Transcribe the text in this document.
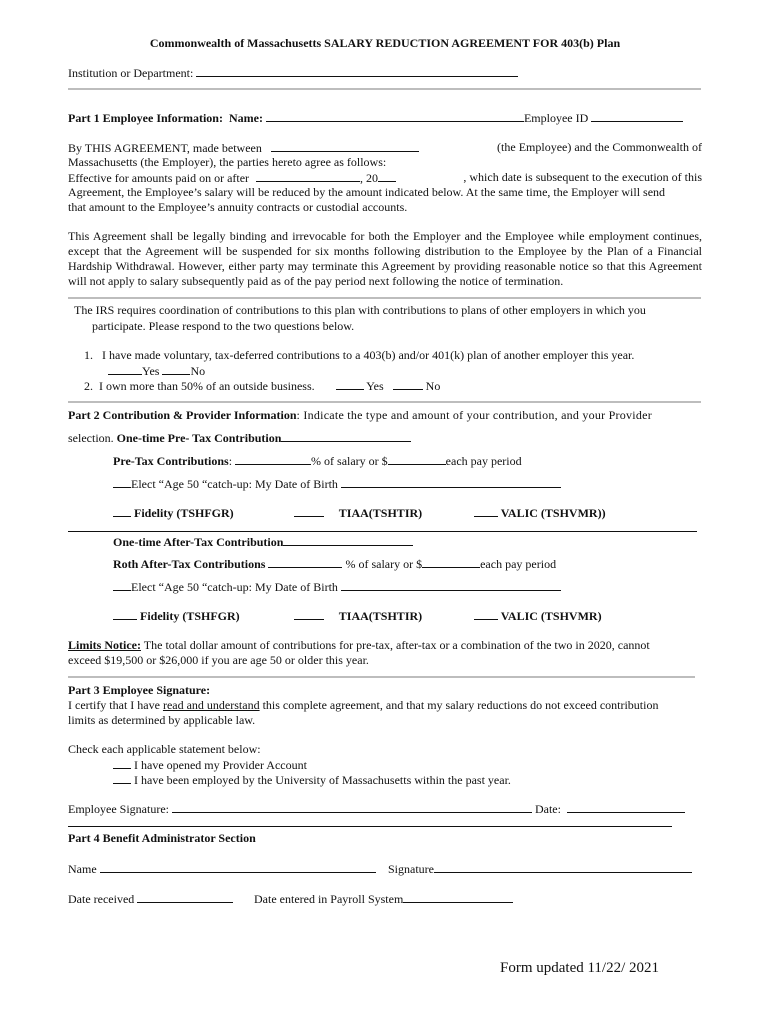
Commonwealth of Massachusetts SALARY REDUCTION AGREEMENT FOR 403(b) Plan
Institution or Department:
Part 1 Employee Information: Name:	Employee ID
By THIS AGREEMENT, made between	(the Employee) and the Commonwealth of
Massachusetts (the Employer), the parties hereto agree as follows:
Effective for amounts paid on or after	, 20	, which date is subsequent to the execution of this
Agreement, the Employee’s salary will be reduced by the amount indicated below. At the same time, the Employer will send
that amount to the Employee’s annuity contracts or custodial accounts.
This Agreement shall be legally binding and irrevocable for both the Employer and the Employee while employment continues, except that the Agreement will be suspended for six months following distribution to the Employee by the Plan of a Financial Hardship Withdrawal. However, either party may terminate this Agreement by providing reasonable notice so that this Agreement will not apply to salary subsequently paid as of the pay period next following the notice of termination.
The IRS requires coordination of contributions to this plan with contributions to plans of other employers in which you
participate. Please respond to the two questions below.
1. I have made voluntary, tax-deferred contributions to a 403(b) and/or 401(k) plan of another employer this year.
Yes	No
2. I own more than 50% of an outside business.	Yes	No
Part 2 Contribution & Provider Information: Indicate the type and amount of your contribution, and your Provider
selection. One-time Pre- Tax Contribution
Pre-Tax Contributions:	% of salary or $	each pay period
Elect “Age 50 “catch-up: My Date of Birth
Fidelity (TSHFGR)	TIAA(TSHTIR)	VALIC (TSHVMR))
One-time After-Tax Contribution
Roth After-Tax Contributions	% of salary or $	each pay period
Elect “Age 50 “catch-up: My Date of Birth
Fidelity (TSHFGR)	TIAA(TSHTIR)	VALIC (TSHVMR)
Limits Notice: The total dollar amount of contributions for pre-tax, after-tax or a combination of the two in 2020, cannot
exceed $19,500 or $26,000 if you are age 50 or older this year.
Part 3 Employee Signature:
I certify that I have read and understand this complete agreement, and that my salary reductions do not exceed contribution
limits as determined by applicable law.
Check each applicable statement below:
I have opened my Provider Account
I have been employed by the University of Massachusetts within the past year.
Employee Signature:	Date:
Part 4 Benefit Administrator Section
Name	Signature
Date received	Date entered in Payroll System
Form updated 11/22/ 2021
